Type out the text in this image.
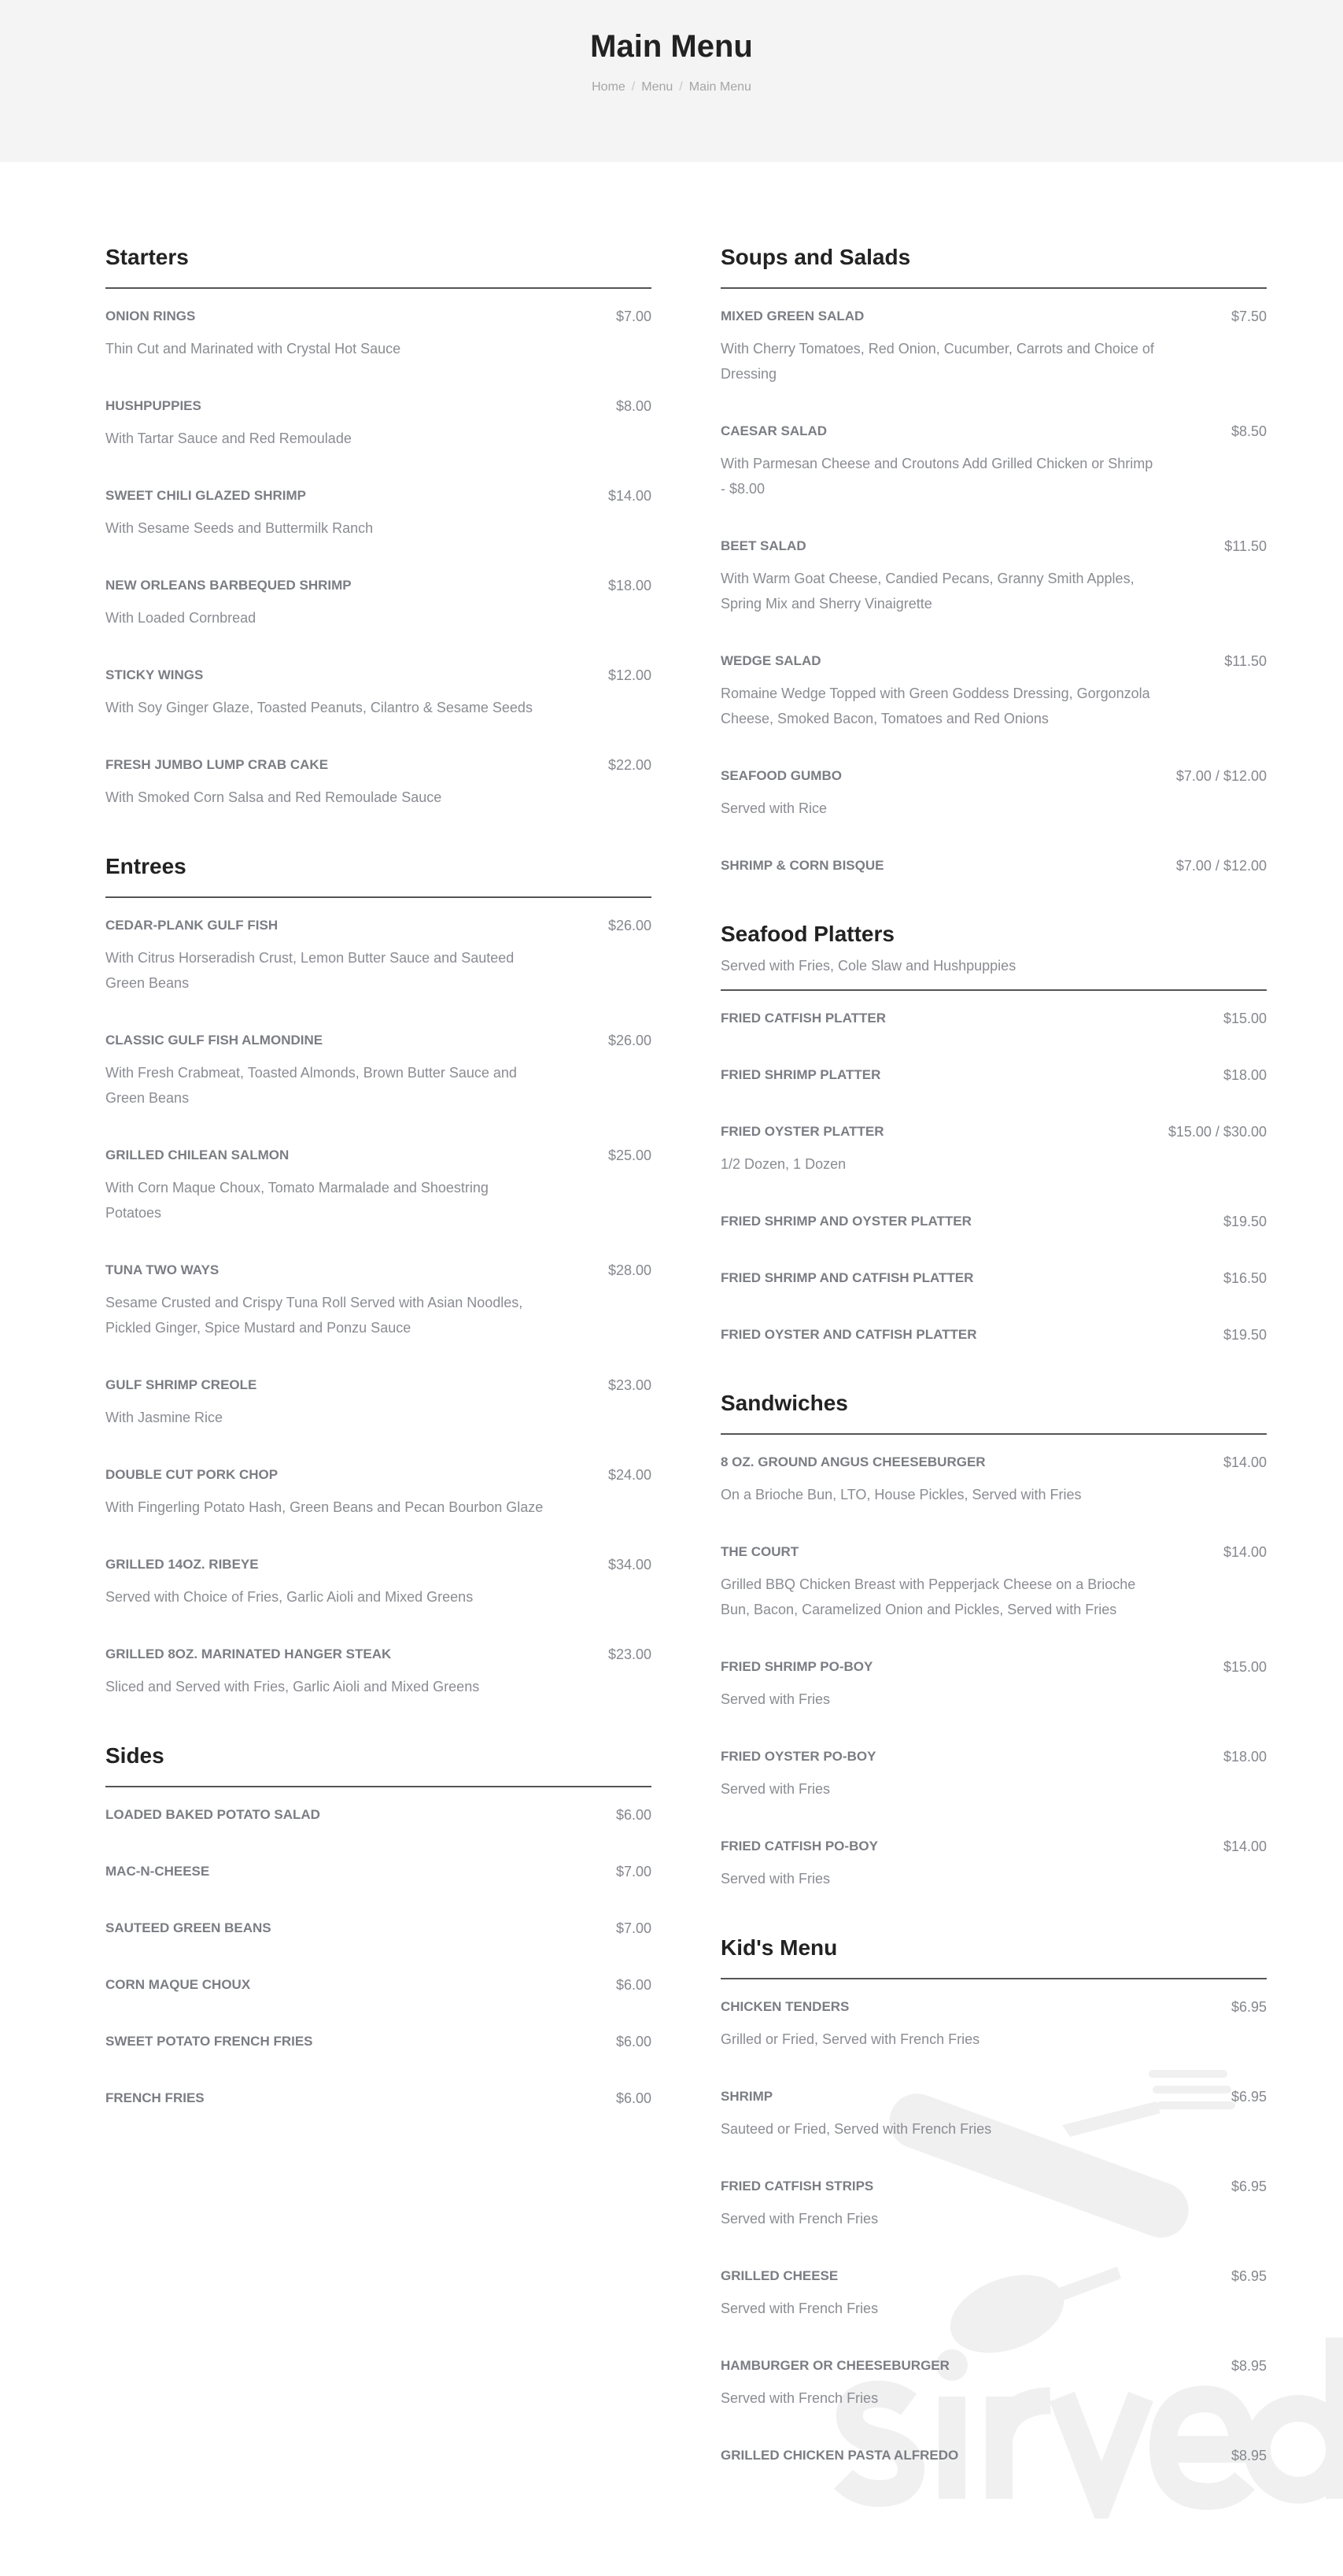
Main Menu
Home / Menu / Main Menu
Starters
ONION RINGS	$7.00
Thin Cut and Marinated with Crystal Hot Sauce
HUSHPUPPIES	$8.00
With Tartar Sauce and Red Remoulade
SWEET CHILI GLAZED SHRIMP	$14.00
With Sesame Seeds and Buttermilk Ranch
NEW ORLEANS BARBEQUED SHRIMP	$18.00
With Loaded Cornbread
STICKY WINGS	$12.00
With Soy Ginger Glaze, Toasted Peanuts, Cilantro & Sesame Seeds
FRESH JUMBO LUMP CRAB CAKE	$22.00
With Smoked Corn Salsa and Red Remoulade Sauce
Entrees
CEDAR-PLANK GULF FISH	$26.00
With Citrus Horseradish Crust, Lemon Butter Sauce and Sauteed Green Beans
CLASSIC GULF FISH ALMONDINE	$26.00
With Fresh Crabmeat, Toasted Almonds, Brown Butter Sauce and Green Beans
GRILLED CHILEAN SALMON	$25.00
With Corn Maque Choux, Tomato Marmalade and Shoestring Potatoes
TUNA TWO WAYS	$28.00
Sesame Crusted and Crispy Tuna Roll Served with Asian Noodles, Pickled Ginger, Spice Mustard and Ponzu Sauce
GULF SHRIMP CREOLE	$23.00
With Jasmine Rice
DOUBLE CUT PORK CHOP	$24.00
With Fingerling Potato Hash, Green Beans and Pecan Bourbon Glaze
GRILLED 14OZ. RIBEYE	$34.00
Served with Choice of Fries, Garlic Aioli and Mixed Greens
GRILLED 8OZ. MARINATED HANGER STEAK	$23.00
Sliced and Served with Fries, Garlic Aioli and Mixed Greens
Sides
LOADED BAKED POTATO SALAD	$6.00
MAC-N-CHEESE	$7.00
SAUTEED GREEN BEANS	$7.00
CORN MAQUE CHOUX	$6.00
SWEET POTATO FRENCH FRIES	$6.00
FRENCH FRIES	$6.00
Soups and Salads
MIXED GREEN SALAD	$7.50
With Cherry Tomatoes, Red Onion, Cucumber, Carrots and Choice of Dressing
CAESAR SALAD	$8.50
With Parmesan Cheese and Croutons Add Grilled Chicken or Shrimp - $8.00
BEET SALAD	$11.50
With Warm Goat Cheese, Candied Pecans, Granny Smith Apples, Spring Mix and Sherry Vinaigrette
WEDGE SALAD	$11.50
Romaine Wedge Topped with Green Goddess Dressing, Gorgonzola Cheese, Smoked Bacon, Tomatoes and Red Onions
SEAFOOD GUMBO	$7.00 / $12.00
Served with Rice
SHRIMP & CORN BISQUE	$7.00 / $12.00
Seafood Platters
Served with Fries, Cole Slaw and Hushpuppies
FRIED CATFISH PLATTER	$15.00
FRIED SHRIMP PLATTER	$18.00
FRIED OYSTER PLATTER	$15.00 / $30.00
1/2 Dozen, 1 Dozen
FRIED SHRIMP AND OYSTER PLATTER	$19.50
FRIED SHRIMP AND CATFISH PLATTER	$16.50
FRIED OYSTER AND CATFISH PLATTER	$19.50
Sandwiches
8 OZ. GROUND ANGUS CHEESEBURGER	$14.00
On a Brioche Bun, LTO, House Pickles, Served with Fries
THE COURT	$14.00
Grilled BBQ Chicken Breast with Pepperjack Cheese on a Brioche Bun, Bacon, Caramelized Onion and Pickles, Served with Fries
FRIED SHRIMP PO-BOY	$15.00
Served with Fries
FRIED OYSTER PO-BOY	$18.00
Served with Fries
FRIED CATFISH PO-BOY	$14.00
Served with Fries
Kid's Menu
CHICKEN TENDERS	$6.95
Grilled or Fried, Served with French Fries
SHRIMP	$6.95
Sauteed or Fried, Served with French Fries
FRIED CATFISH STRIPS	$6.95
Served with French Fries
GRILLED CHEESE	$6.95
Served with French Fries
HAMBURGER OR CHEESEBURGER	$8.95
Served with French Fries
GRILLED CHICKEN PASTA ALFREDO	$8.95
